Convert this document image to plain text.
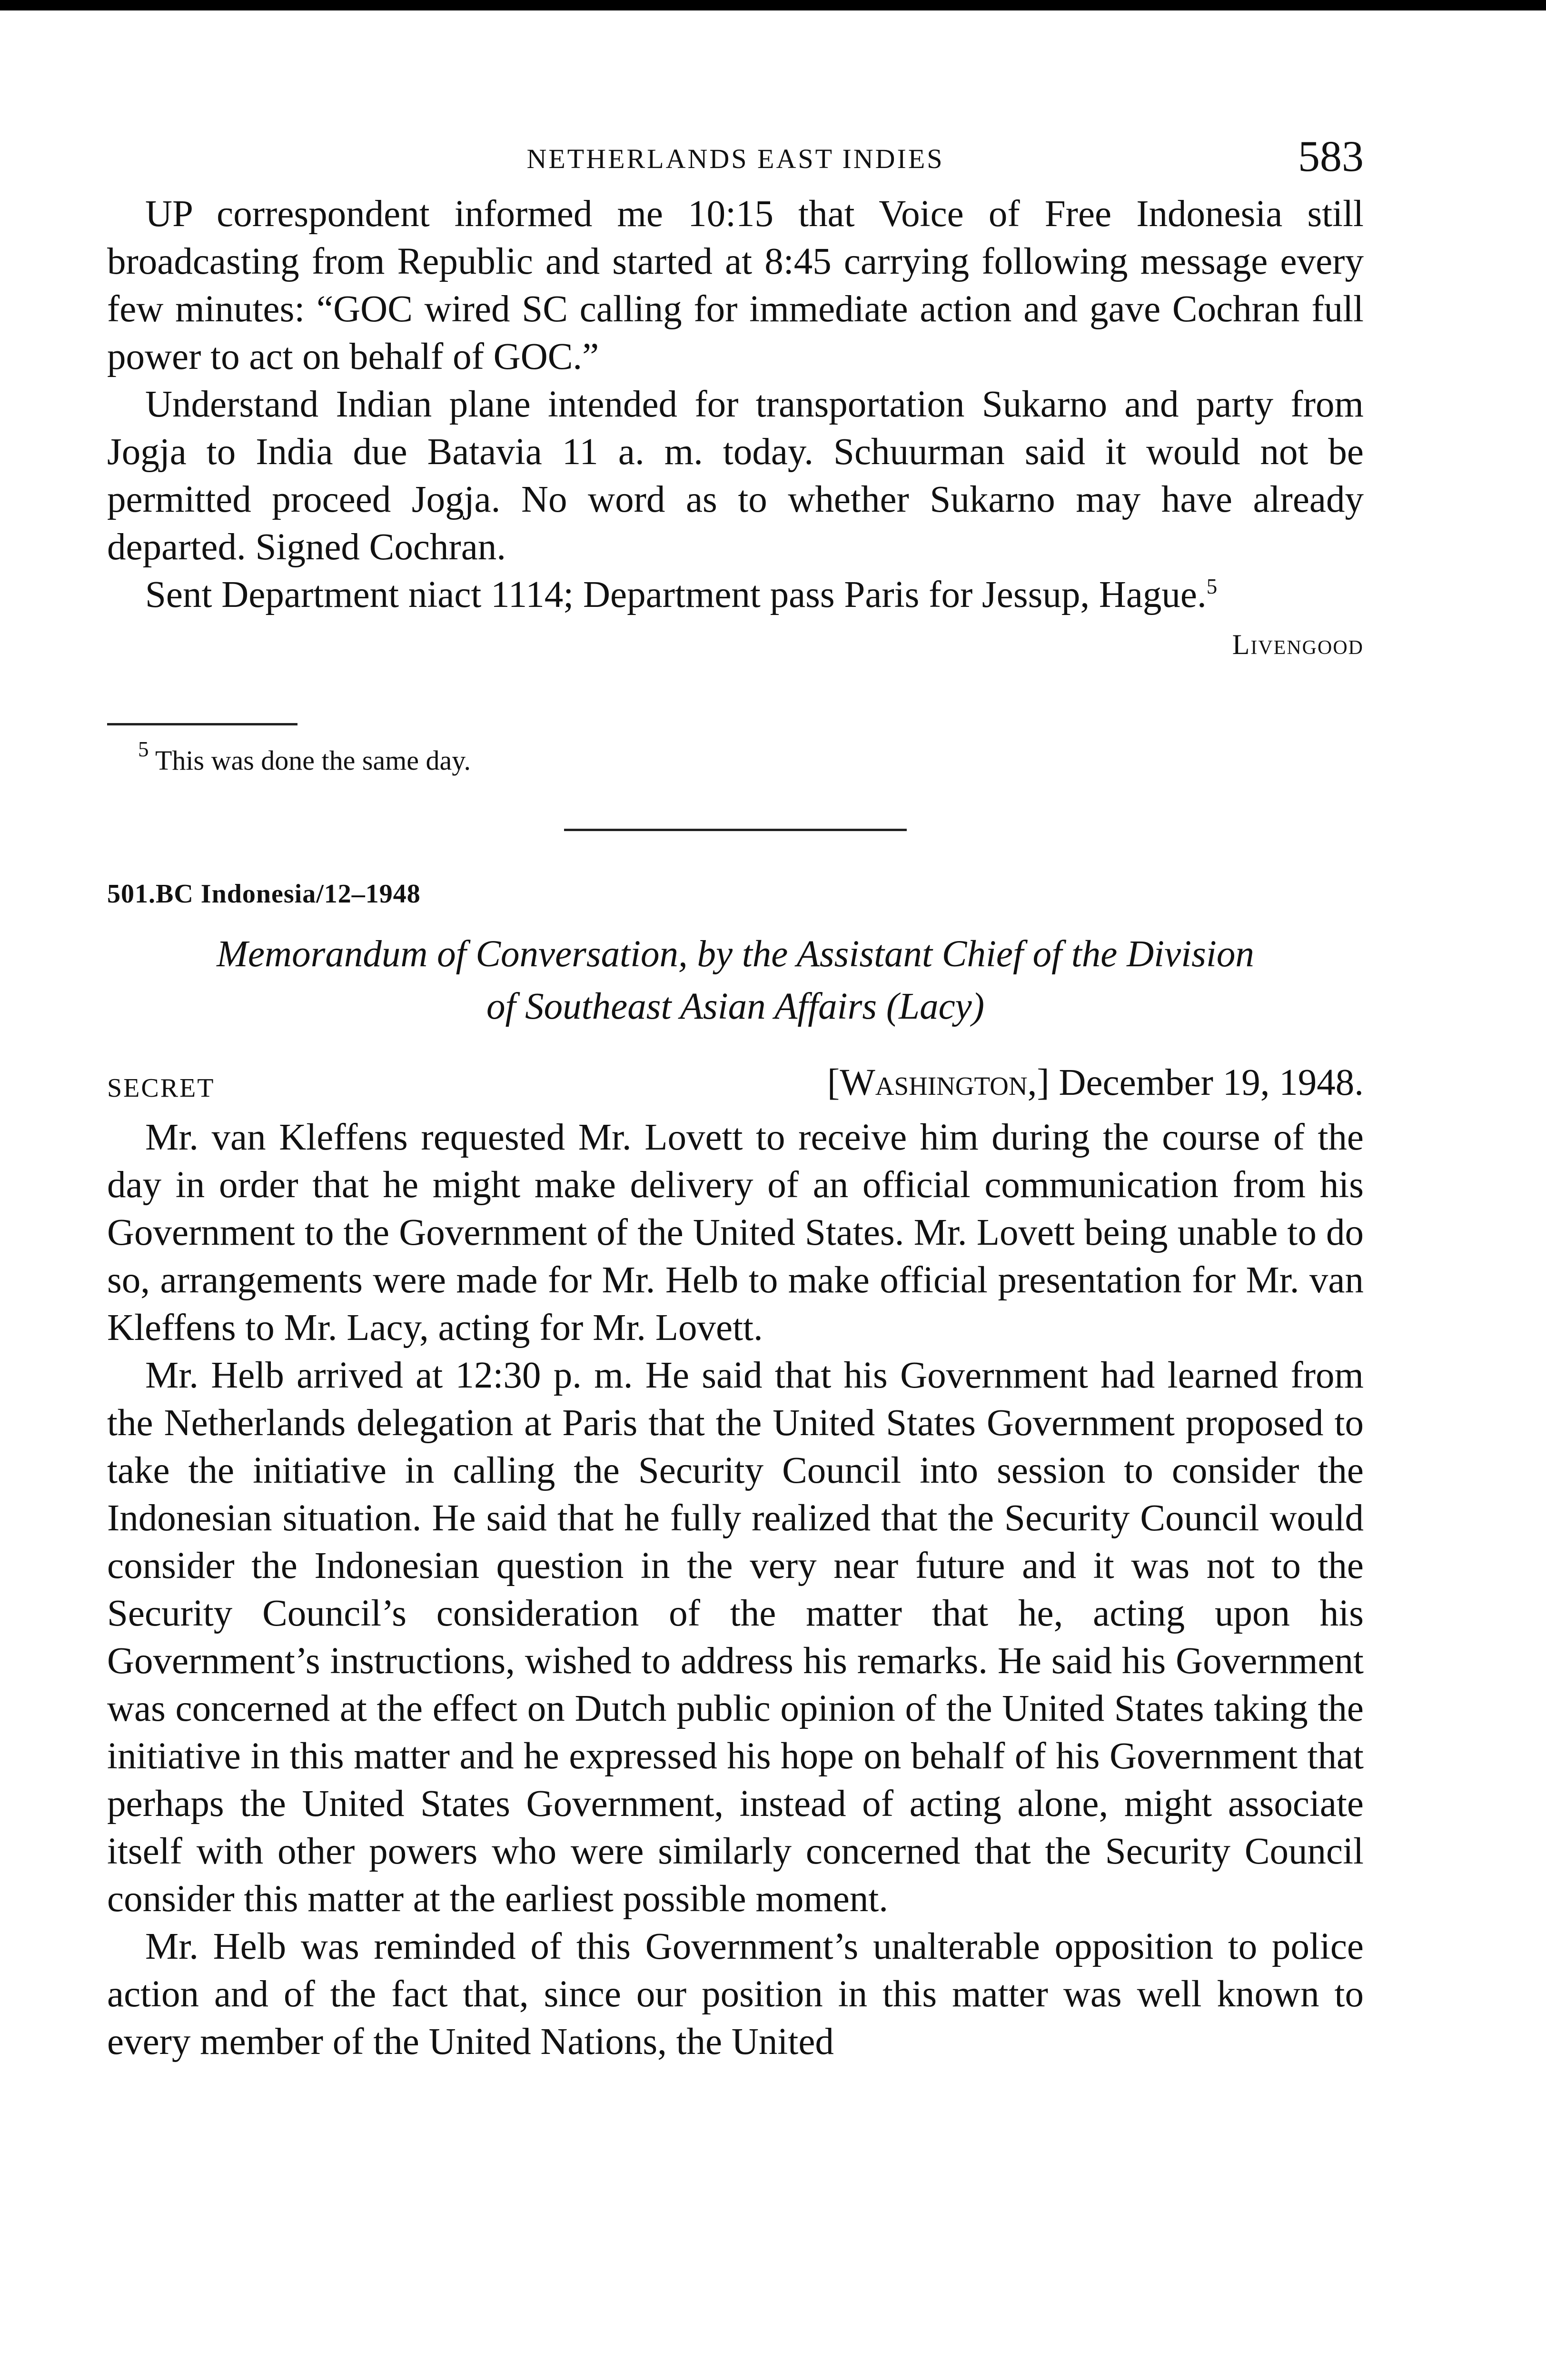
NETHERLANDS EAST INDIES	583

UP correspondent informed me 10:15 that Voice of Free Indonesia still broadcasting from Republic and started at 8:45 carrying following message every few minutes: “GOC wired SC calling for immediate action and gave Cochran full power to act on behalf of GOC.”

Understand Indian plane intended for transportation Sukarno and party from Jogja to India due Batavia 11 a. m. today. Schuurman said it would not be permitted proceed Jogja. No word as to whether Sukarno may have already departed. Signed Cochran.

Sent Department niact 1114; Department pass Paris for Jessup, Hague.$^5$

Livengood
$^5$ This was done the same day.
501.BC Indonesia/12–1948
Memorandum of Conversation, by the Assistant Chief of the Division
of Southeast Asian Affairs (Lacy)
SECRET	[Washington,] December 19, 1948.

Mr. van Kleffens requested Mr. Lovett to receive him during the course of the day in order that he might make delivery of an official communication from his Government to the Government of the United States. Mr. Lovett being unable to do so, arrangements were made for Mr. Helb to make official presentation for Mr. van Kleffens to Mr. Lacy, acting for Mr. Lovett.

Mr. Helb arrived at 12:30 p. m. He said that his Government had learned from the Netherlands delegation at Paris that the United States Government proposed to take the initiative in calling the Security Council into session to consider the Indonesian situation. He said that he fully realized that the Security Council would consider the Indonesian question in the very near future and it was not to the Security Council’s consideration of the matter that he, acting upon his Government’s instructions, wished to address his remarks. He said his Government was concerned at the effect on Dutch public opinion of the United States taking the initiative in this matter and he expressed his hope on behalf of his Government that perhaps the United States Government, instead of acting alone, might associate itself with other powers who were similarly concerned that the Security Council consider this matter at the earliest possible moment.

Mr. Helb was reminded of this Government’s unalterable opposition to police action and of the fact that, since our position in this matter was well known to every member of the United Nations, the United
